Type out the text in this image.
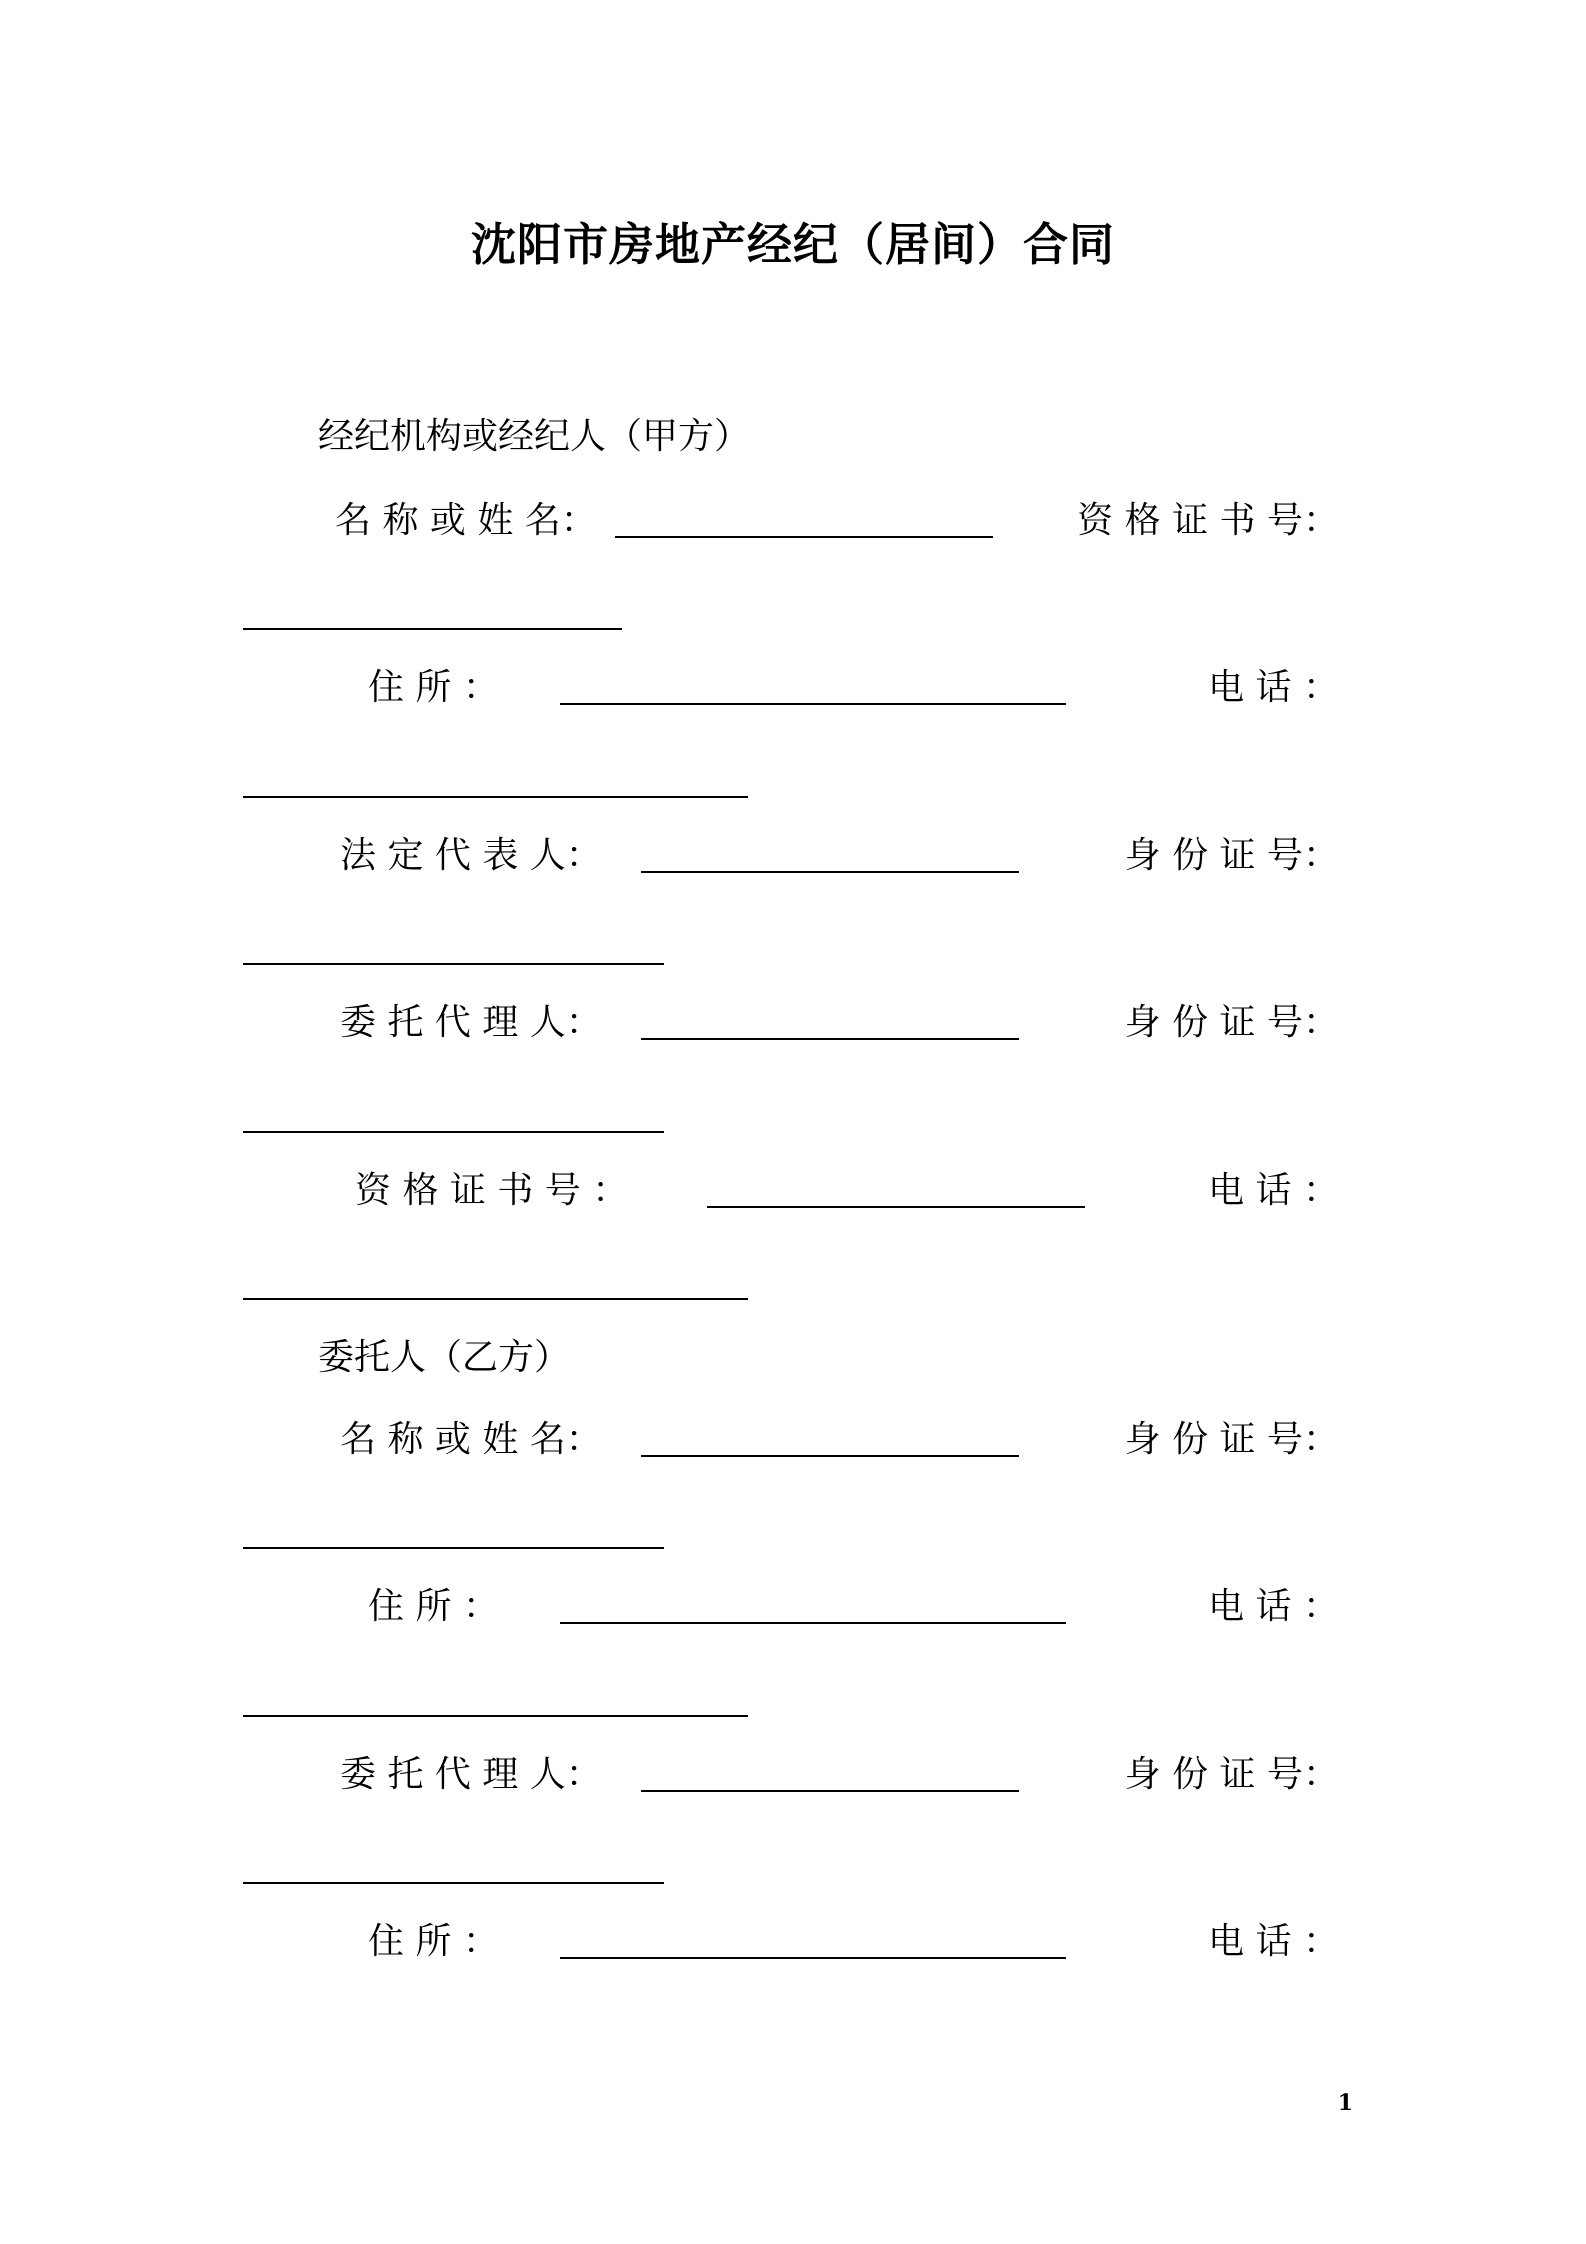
沈阳市房地产经纪（居间）合同
经纪机构或经纪人（甲方）
名 称 或 姓 名：	资 格 证 书 号：
住 所 ：	电 话 ：
法 定 代 表 人：	身 份 证 号：
委 托 代 理 人：	身 份 证 号：
资 格 证 书 号 ：	电 话 ：
委托人（乙方）
名 称 或 姓 名：	身 份 证 号：
住 所 ：	电 话 ：
委 托 代 理 人：	身 份 证 号：
住 所 ：	电 话 ：
1
